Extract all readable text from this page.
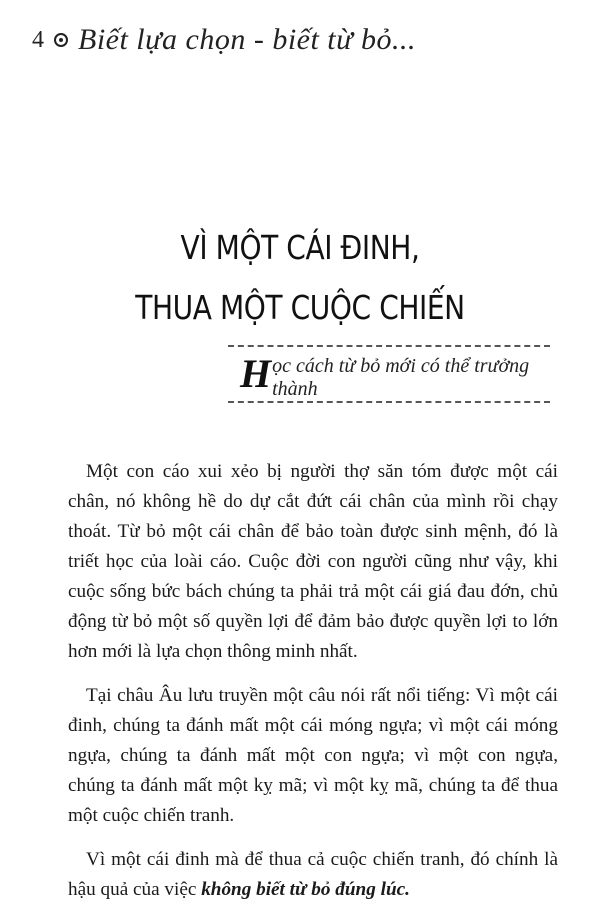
4 Biết lựa chọn - biết từ bỏ...
VÌ MỘT CÁI ĐINH,
THUA MỘT CUỘC CHIẾN
H ọc cách từ bỏ mới có thể trưởng thành

Một con cáo xui xẻo bị người thợ săn tóm được một cái chân, nó không hề do dự cắt đứt cái chân của mình rồi chạy thoát. Từ bỏ một cái chân để bảo toàn được sinh mệnh, đó là triết học của loài cáo. Cuộc đời con người cũng như vậy, khi cuộc sống bức bách chúng ta phải trả một cái giá đau đớn, chủ động từ bỏ một số quyền lợi để đảm bảo được quyền lợi to lớn hơn mới là lựa chọn thông minh nhất.

Tại châu Âu lưu truyền một câu nói rất nổi tiếng: Vì một cái đinh, chúng ta đánh mất một cái móng ngựa; vì một cái móng ngựa, chúng ta đánh mất một con ngựa; vì một con ngựa, chúng ta đánh mất một kỵ mã; vì một kỵ mã, chúng ta để thua một cuộc chiến tranh.

Vì một cái đinh mà để thua cả cuộc chiến tranh, đó chính là hậu quả của việc không biết từ bỏ đúng lúc.
